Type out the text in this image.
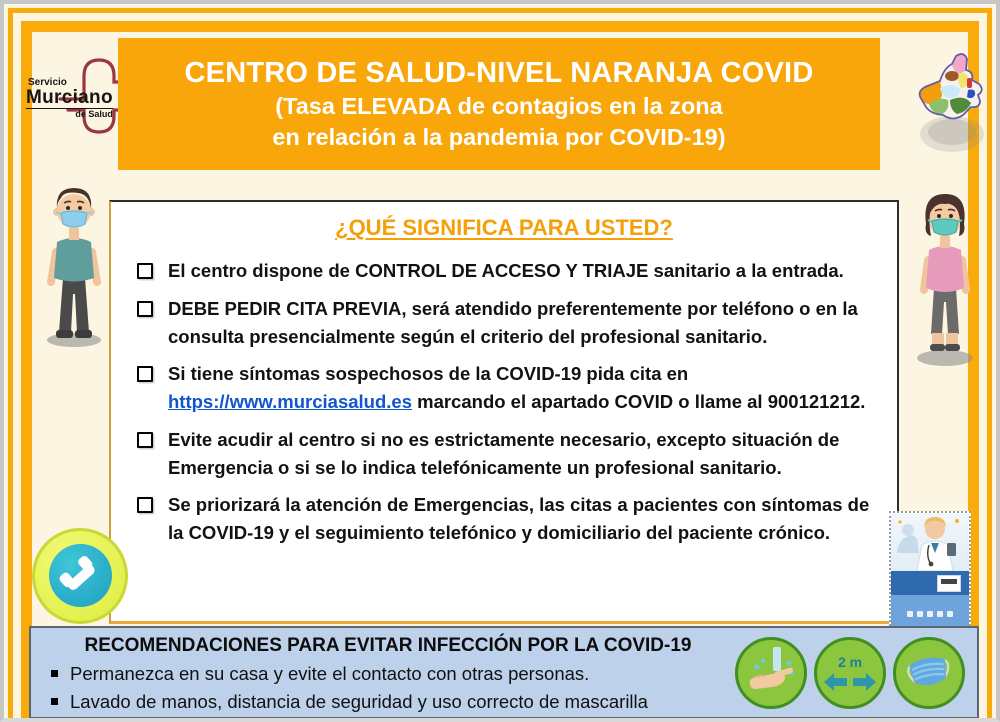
Servicio
Murciano
de Salud
CENTRO DE SALUD-NIVEL NARANJA COVID
(Tasa ELEVADA de contagios en la zona
en relación a la pandemia por COVID-19)
¿QUÉ SIGNIFICA PARA USTED?
El centro dispone de CONTROL DE ACCESO Y TRIAJE sanitario a la entrada.
DEBE PEDIR CITA PREVIA, será atendido preferentemente por teléfono o en la consulta presencialmente según el criterio del profesional sanitario.
Si tiene síntomas sospechosos de la COVID-19 pida cita en https://www.murciasalud.es marcando el apartado COVID o llame al 900121212.
Evite acudir al centro si no es estrictamente necesario, excepto situación de Emergencia o si se lo indica telefónicamente un profesional sanitario.
Se priorizará la atención de Emergencias, las citas a pacientes con síntomas de la COVID-19 y el seguimiento telefónico y domiciliario del paciente crónico.
RECOMENDACIONES PARA EVITAR INFECCIÓN POR LA COVID-19
Permanezca en su casa y evite el contacto con otras personas.
Lavado de manos, distancia de seguridad y uso correcto de mascarilla
2 m
